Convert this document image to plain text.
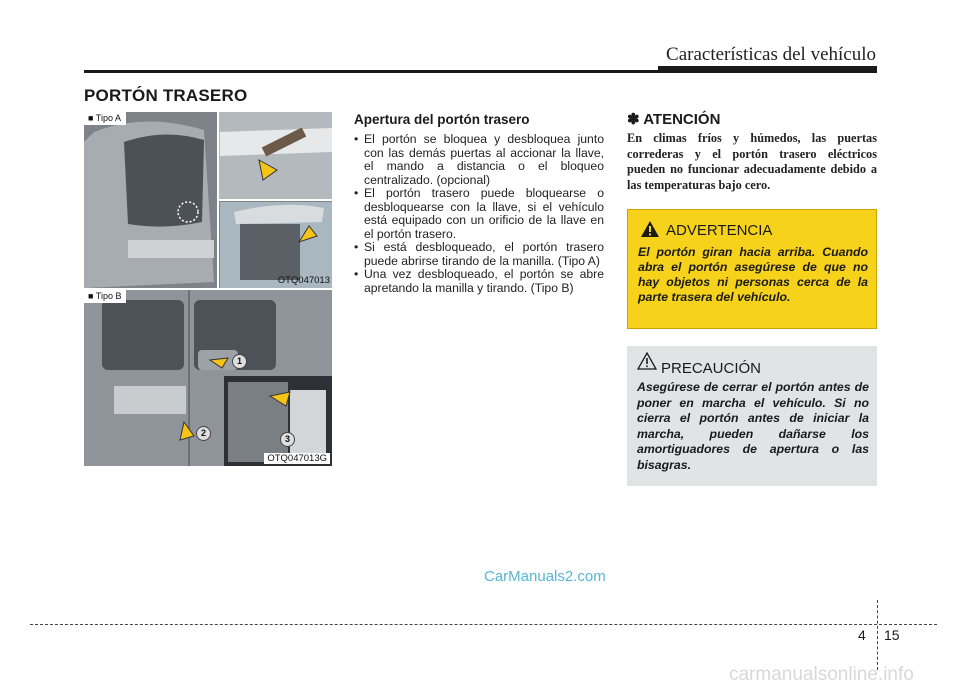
Características del vehículo
PORTÓN TRASERO
■ Tipo A
OTQ047013
■ Tipo B
1
2
3
OTQ047013G
Apertura del portón trasero
• El portón se bloquea y desbloquea junto con las demás puertas al accionar la llave, el mando a distancia o el bloqueo centralizado. (opcional)
• El portón trasero puede bloquearse o desbloquearse con la llave, si el vehículo está equipado con un orificio de la llave en el portón trasero.
• Si está desbloqueado, el portón trasero puede abrirse tirando de la manilla. (Tipo A)
• Una vez desbloqueado, el portón se abre apretando la manilla y tirando. (Tipo B)
✽ ATENCIÓN
En climas fríos y húmedos, las puertas correderas y el portón trasero eléctricos pueden no funcionar adecuadamente debido a las temperaturas bajo cero.
ADVERTENCIA
El portón giran hacia arriba. Cuando abra el portón asegúrese de que no hay objetos ni personas cerca de la parte trasera del vehículo.
PRECAUCIÓN
Asegúrese de cerrar el portón antes de poner en marcha el vehículo. Si no cierra el portón antes de iniciar la marcha, pueden dañarse los amortiguadores de apertura o las bisagras.
CarManuals2.com
4 15
carmanualsonline.info
